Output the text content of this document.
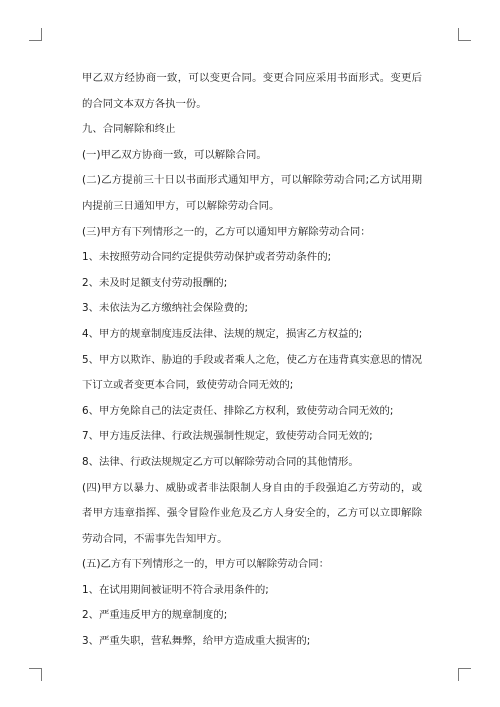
甲乙双方经协商一致，可以变更合同。变更合同应采用书面形式。变更后的合同文本双方各执一份。

九、合同解除和终止

(一)甲乙双方协商一致，可以解除合同。

(二)乙方提前三十日以书面形式通知甲方，可以解除劳动合同;乙方试用期内提前三日通知甲方，可以解除劳动合同。

(三)甲方有下列情形之一的，乙方可以通知甲方解除劳动合同：

1、未按照劳动合同约定提供劳动保护或者劳动条件的;

2、未及时足额支付劳动报酬的;

3、未依法为乙方缴纳社会保险费的;

4、甲方的规章制度违反法律、法规的规定，损害乙方权益的;

5、甲方以欺诈、胁迫的手段或者乘人之危，使乙方在违背真实意思的情况下订立或者变更本合同，致使劳动合同无效的;

6、甲方免除自己的法定责任、排除乙方权利，致使劳动合同无效的;

7、甲方违反法律、行政法规强制性规定，致使劳动合同无效的;

8、法律、行政法规规定乙方可以解除劳动合同的其他情形。

(四)甲方以暴力、威胁或者非法限制人身自由的手段强迫乙方劳动的，或者甲方违章指挥、强令冒险作业危及乙方人身安全的，乙方可以立即解除劳动合同，不需事先告知甲方。

(五)乙方有下列情形之一的，甲方可以解除劳动合同：

1、在试用期间被证明不符合录用条件的;

2、严重违反甲方的规章制度的;

3、严重失职，营私舞弊，给甲方造成重大损害的;
